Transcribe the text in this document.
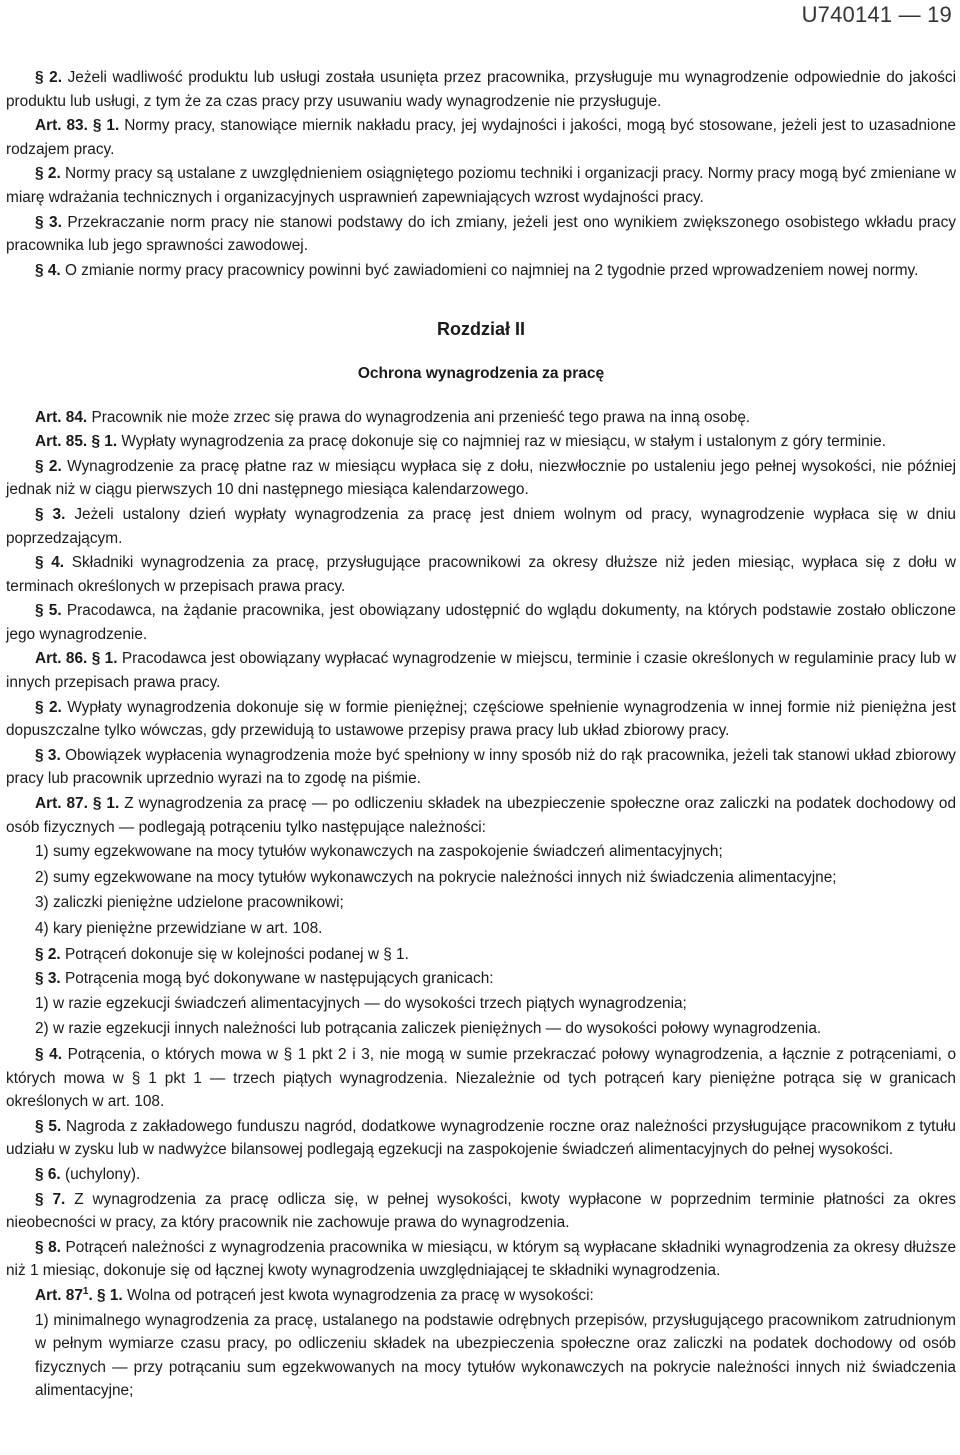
U740141 — 19

§ 2. Jeżeli wadliwość produktu lub usługi została usunięta przez pracownika, przysługuje mu wynagrodzenie odpowiednie do jakości produktu lub usługi, z tym że za czas pracy przy usuwaniu wady wynagrodzenie nie przysługuje.

Art. 83. § 1. Normy pracy, stanowiące miernik nakładu pracy, jej wydajności i jakości, mogą być stosowane, jeżeli jest to uzasadnione rodzajem pracy.

§ 2. Normy pracy są ustalane z uwzględnieniem osiągniętego poziomu techniki i organizacji pracy. Normy pracy mogą być zmieniane w miarę wdrażania technicznych i organizacyjnych usprawnień zapewniających wzrost wydajności pracy.

§ 3. Przekraczanie norm pracy nie stanowi podstawy do ich zmiany, jeżeli jest ono wynikiem zwiększonego osobistego wkładu pracy pracownika lub jego sprawności zawodowej.

§ 4. O zmianie normy pracy pracownicy powinni być zawiadomieni co najmniej na 2 tygodnie przed wprowadzeniem nowej normy.

Rozdział II

Ochrona wynagrodzenia za pracę

Art. 84. Pracownik nie może zrzec się prawa do wynagrodzenia ani przenieść tego prawa na inną osobę.

Art. 85. § 1. Wypłaty wynagrodzenia za pracę dokonuje się co najmniej raz w miesiącu, w stałym i ustalonym z góry terminie.

§ 2. Wynagrodzenie za pracę płatne raz w miesiącu wypłaca się z dołu, niezwłocznie po ustaleniu jego pełnej wysokości, nie później jednak niż w ciągu pierwszych 10 dni następnego miesiąca kalendarzowego.

§ 3. Jeżeli ustalony dzień wypłaty wynagrodzenia za pracę jest dniem wolnym od pracy, wynagrodzenie wypłaca się w dniu poprzedzającym.

§ 4. Składniki wynagrodzenia za pracę, przysługujące pracownikowi za okresy dłuższe niż jeden miesiąc, wypłaca się z dołu w terminach określonych w przepisach prawa pracy.

§ 5. Pracodawca, na żądanie pracownika, jest obowiązany udostępnić do wglądu dokumenty, na których podstawie zostało obliczone jego wynagrodzenie.

Art. 86. § 1. Pracodawca jest obowiązany wypłacać wynagrodzenie w miejscu, terminie i czasie określonych w regulaminie pracy lub w innych przepisach prawa pracy.

§ 2. Wypłaty wynagrodzenia dokonuje się w formie pieniężnej; częściowe spełnienie wynagrodzenia w innej formie niż pieniężna jest dopuszczalne tylko wówczas, gdy przewidują to ustawowe przepisy prawa pracy lub układ zbiorowy pracy.

§ 3. Obowiązek wypłacenia wynagrodzenia może być spełniony w inny sposób niż do rąk pracownika, jeżeli tak stanowi układ zbiorowy pracy lub pracownik uprzednio wyrazi na to zgodę na piśmie.

Art. 87. § 1. Z wynagrodzenia za pracę — po odliczeniu składek na ubezpieczenie społeczne oraz zaliczki na podatek dochodowy od osób fizycznych — podlegają potrąceniu tylko następujące należności:

1) sumy egzekwowane na mocy tytułów wykonawczych na zaspokojenie świadczeń alimentacyjnych;

2) sumy egzekwowane na mocy tytułów wykonawczych na pokrycie należności innych niż świadczenia alimentacyjne;

3) zaliczki pieniężne udzielone pracownikowi;

4) kary pieniężne przewidziane w art. 108.

§ 2. Potrąceń dokonuje się w kolejności podanej w § 1.

§ 3. Potrącenia mogą być dokonywane w następujących granicach:

1) w razie egzekucji świadczeń alimentacyjnych — do wysokości trzech piątych wynagrodzenia;

2) w razie egzekucji innych należności lub potrącania zaliczek pieniężnych — do wysokości połowy wynagrodzenia.

§ 4. Potrącenia, o których mowa w § 1 pkt 2 i 3, nie mogą w sumie przekraczać połowy wynagrodzenia, a łącznie z potrąceniami, o których mowa w § 1 pkt 1 — trzech piątych wynagrodzenia. Niezależnie od tych potrąceń kary pieniężne potrąca się w granicach określonych w art. 108.

§ 5. Nagroda z zakładowego funduszu nagród, dodatkowe wynagrodzenie roczne oraz należności przysługujące pracownikom z tytułu udziału w zysku lub w nadwyżce bilansowej podlegają egzekucji na zaspokojenie świadczeń alimentacyjnych do pełnej wysokości.

§ 6. (uchylony).

§ 7. Z wynagrodzenia za pracę odlicza się, w pełnej wysokości, kwoty wypłacone w poprzednim terminie płatności za okres nieobecności w pracy, za który pracownik nie zachowuje prawa do wynagrodzenia.

§ 8. Potrąceń należności z wynagrodzenia pracownika w miesiącu, w którym są wypłacane składniki wynagrodzenia za okresy dłuższe niż 1 miesiąc, dokonuje się od łącznej kwoty wynagrodzenia uwzględniającej te składniki wynagrodzenia.

Art. $87^1$. § 1. Wolna od potrąceń jest kwota wynagrodzenia za pracę w wysokości:

1) minimalnego wynagrodzenia za pracę, ustalanego na podstawie odrębnych przepisów, przysługującego pracownikom zatrudnionym w pełnym wymiarze czasu pracy, po odliczeniu składek na ubezpieczenia społeczne oraz zaliczki na podatek dochodowy od osób fizycznych — przy potrącaniu sum egzekwowanych na mocy tytułów wykonawczych na pokrycie należności innych niż świadczenia alimentacyjne;
